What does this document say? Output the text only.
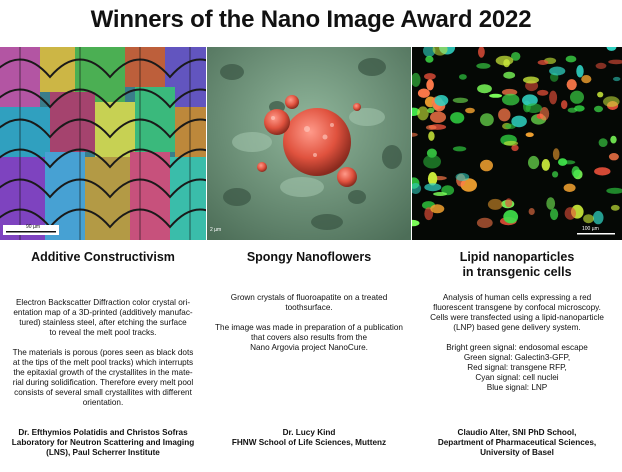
Winners of the Nano Image Award 2022
90 µm	2 µm	100 µm

Additive Constructivism

Electron Backscatter Diffraction color crystal ori-
entation map of a 3D-printed (additively manufac-
tured) stainless steel, after etching the surface
to reveal the melt pool tracks.

The materials is porous (pores seen as black dots
at the tips of the melt pool tracks) which interrupts
the epitaxial growth of the crystallites in the mate-
rial during solidification. Therefore every melt pool
consists of several small crystallites with different
orientation.

Spongy Nanoflowers

Grown crystals of fluoroapatite on a treated
toothsurface.

The image was made in preparation of a publication
that covers also results from the
Nano Argovia project NanoCure.

Lipid nanoparticles
in transgenic cells

Analysis of human cells expressing a red
fluorescent transgene by confocal microscopy.
Cells were transfected using a lipid-nanoparticle
(LNP) based gene delivery system.

Bright green signal: endosomal escape
Green signal: Galectin3-GFP,
Red signal: transgene RFP,
Cyan signal: cell nuclei
Blue signal: LNP

Dr. Efthymios Polatidis and Christos Sofras
Laboratory for Neutron Scattering and Imaging
(LNS), Paul Scherrer Institute
Dr. Lucy Kind
FHNW School of Life Sciences, Muttenz
Claudio Alter, SNI PhD School,
Department of Pharmaceutical Sciences,
University of Basel
